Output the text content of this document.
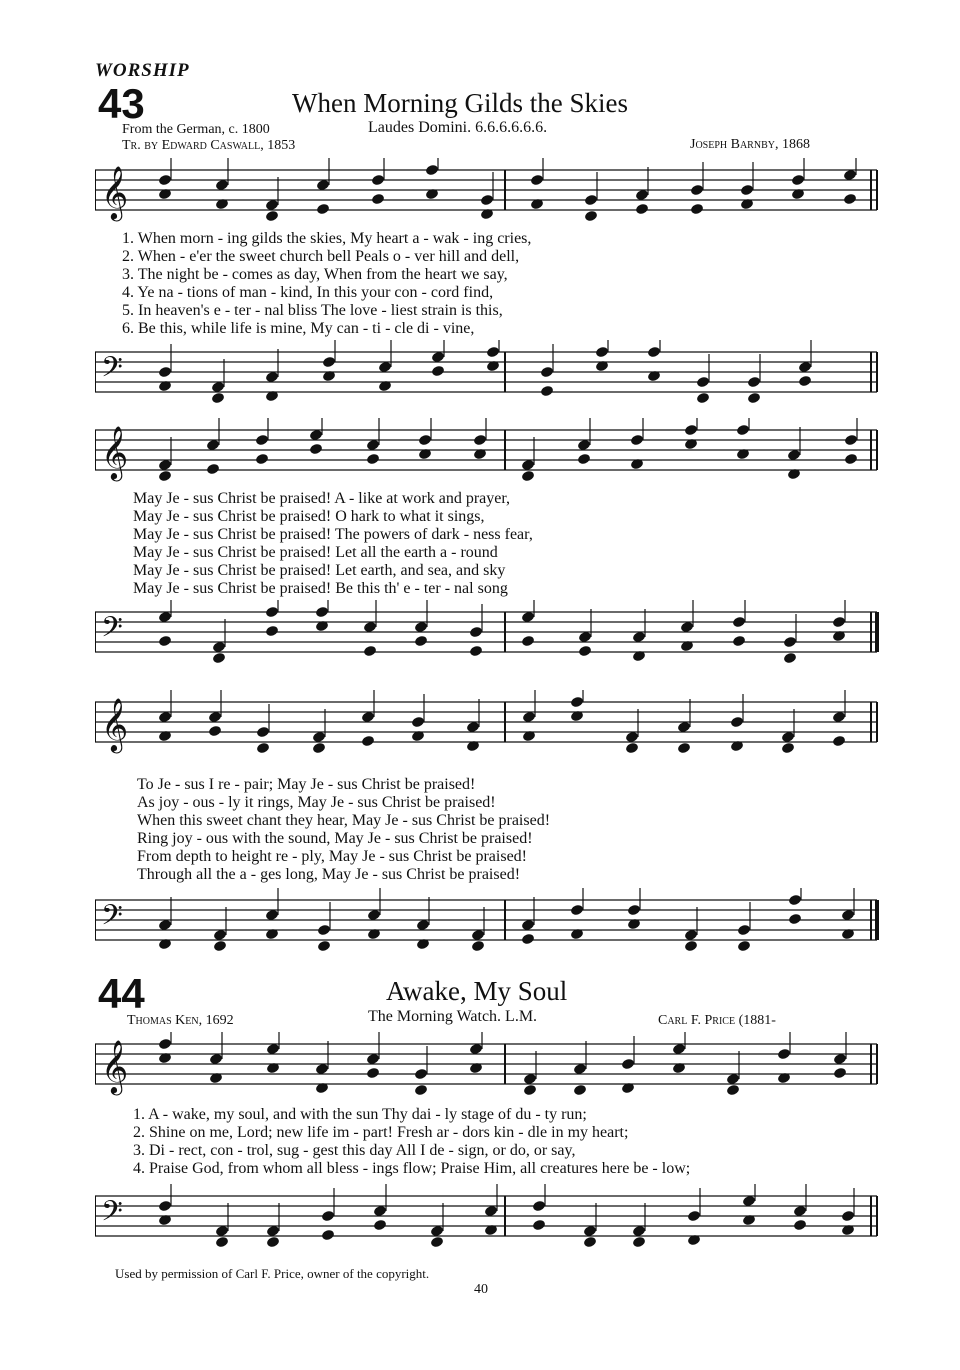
WORSHIP
43	When Morning Gilds the Skies
From the German, c. 1800
Tr. by Edward Caswall, 1853
Laudes Domini. 6.6.6.6.6.6.
Joseph Barnby, 1868
𝄞
1. When morn - ing gilds the skies, My heart a - wak - ing cries,
2. When - e'er the sweet church bell Peals o - ver hill and dell,
3. The night be - comes as day, When from the heart we say,
4. Ye na - tions of man - kind, In this your con - cord find,
5. In heaven's e - ter - nal bliss The love - liest strain is this,
6. Be this, while life is mine, My can - ti - cle di - vine,
𝄢
𝄞
May Je - sus Christ be praised! A - like at work and prayer,
May Je - sus Christ be praised! O hark to what it sings,
May Je - sus Christ be praised! The powers of dark - ness fear,
May Je - sus Christ be praised! Let all the earth a - round
May Je - sus Christ be praised! Let earth, and sea, and sky
May Je - sus Christ be praised! Be this th' e - ter - nal song
𝄢
𝄞
To Je - sus I re - pair; May Je - sus Christ be praised!
As joy - ous - ly it rings, May Je - sus Christ be praised!
When this sweet chant they hear, May Je - sus Christ be praised!
Ring joy - ous with the sound, May Je - sus Christ be praised!
From depth to height re - ply, May Je - sus Christ be praised!
Through all the a - ges long, May Je - sus Christ be praised!
𝄢
44	Awake, My Soul
Thomas Ken, 1692	The Morning Watch. L.M.	Carl F. Price (1881-
𝄞
1. A - wake, my soul, and with the sun Thy dai - ly stage of du - ty run;
2. Shine on me, Lord; new life im - part! Fresh ar - dors kin - dle in my heart;
3. Di - rect, con - trol, sug - gest this day All I de - sign, or do, or say,
4. Praise God, from whom all bless - ings flow; Praise Him, all creatures here be - low;
𝄢
Used by permission of Carl F. Price, owner of the copyright.
40
